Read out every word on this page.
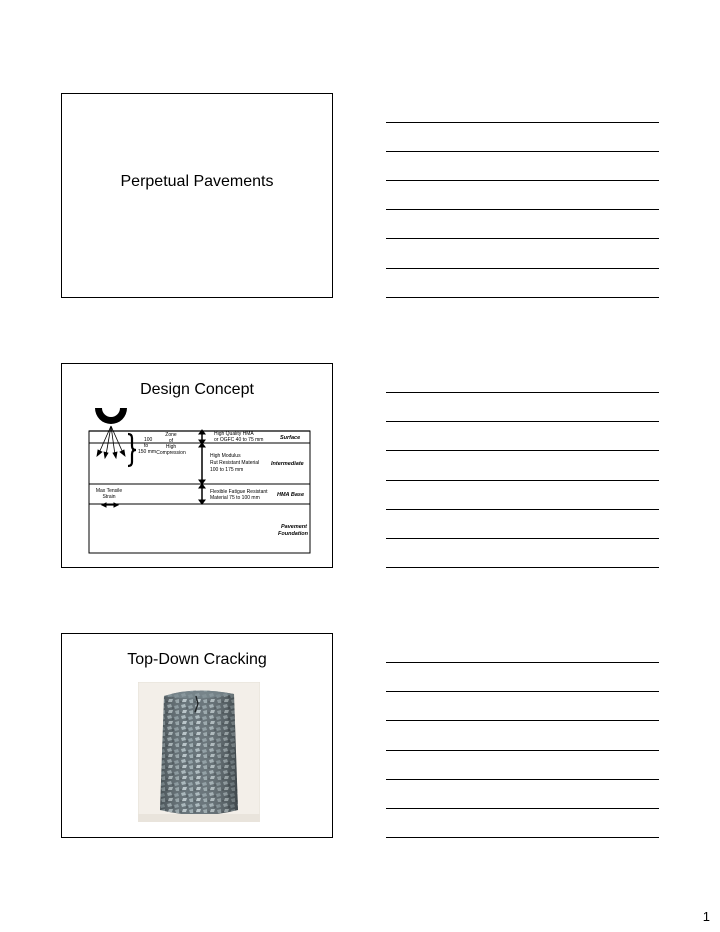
Perpetual Pavements
Design Concept
100
to
150 mm
Zone
of
High
Compression
High Quality HMA
or OGFC 40 to 75 mm	Surface
High Modulus
Rut Resistant Material
100 to 175 mm
Intermediate
Max Tensile
Strain
Flexible Fatigue Resistant
Material 75 to 100 mm	HMA Base
Pavement
Foundation
Top-Down Cracking
1
